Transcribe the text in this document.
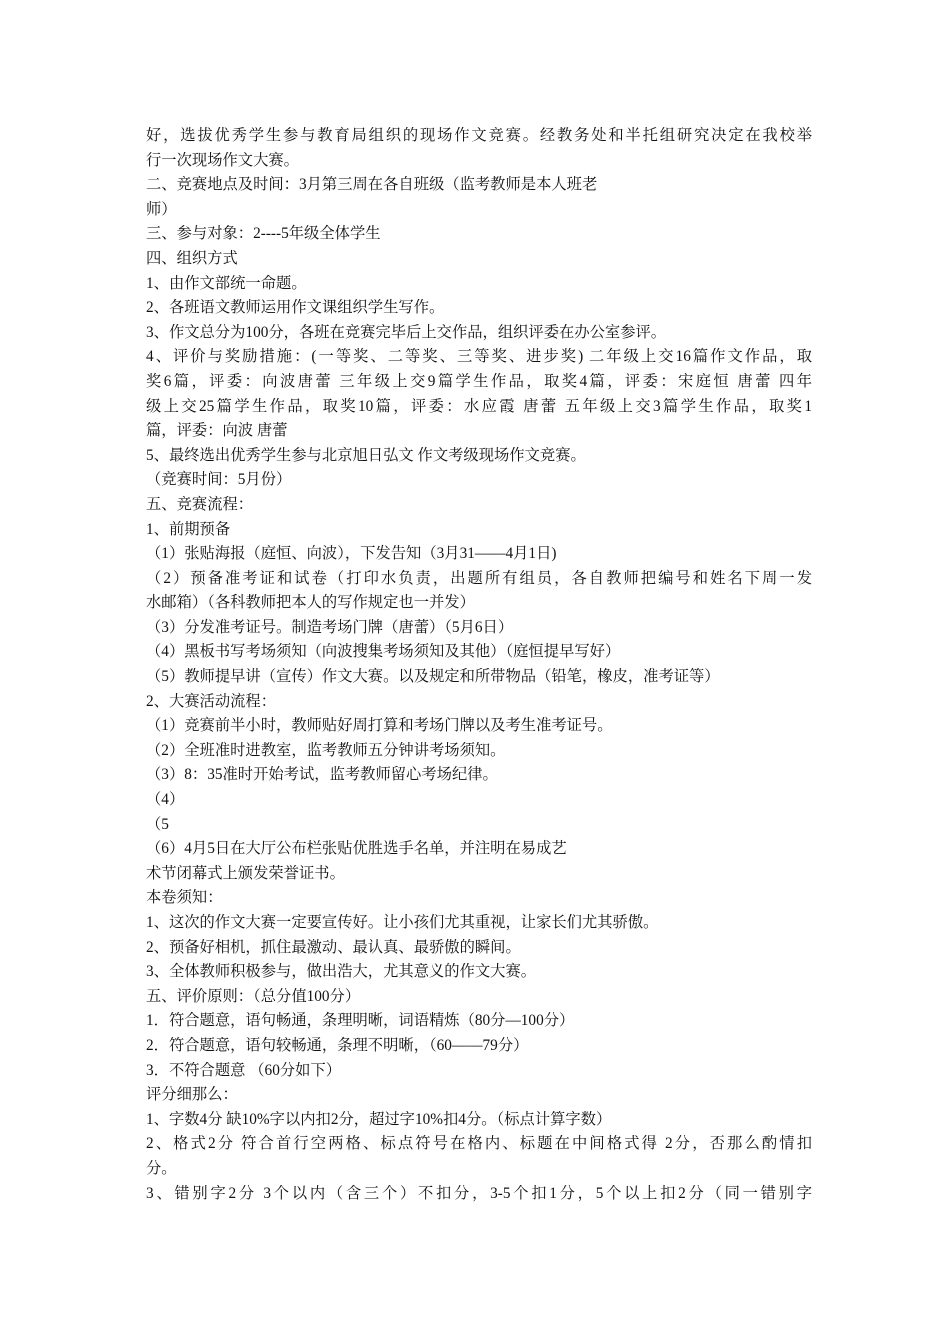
好，选拔优秀学生参与教育局组织的现场作文竞赛。经教务处和半托组研究决定在我校举
行一次现场作文大赛。
二、竞赛地点及时间：3月第三周在各自班级（监考教师是本人班老
师）
三、参与对象：2----5年级全体学生
四、组织方式
1、由作文部统一命题。
2、各班语文教师运用作文课组织学生写作。
3、作文总分为100分，各班在竞赛完毕后上交作品，组织评委在办公室参评。
4、评价与奖励措施：(一等奖、二等奖、三等奖、进步奖) 二年级上交16篇作文作品，取
奖6篇，评委：向波唐蕾 三年级上交9篇学生作品，取奖4篇，评委：宋庭恒 唐蕾 四年
级上交25篇学生作品，取奖10篇，评委：水应霞 唐蕾 五年级上交3篇学生作品，取奖1
篇，评委：向波 唐蕾
5、最终选出优秀学生参与北京旭日弘文 作文考级现场作文竞赛。
（竞赛时间：5月份）
五、竞赛流程：
1、前期预备
（1）张贴海报（庭恒、向波），下发告知（3月31——4月1日)
（2）预备准考证和试卷（打印水负责，出题所有组员，各自教师把编号和姓名下周一发
水邮箱）（各科教师把本人的写作规定也一并发）
（3）分发准考证号。制造考场门牌（唐蕾）（5月6日）
（4）黑板书写考场须知（向波搜集考场须知及其他）（庭恒提早写好）
（5）教师提早讲（宣传）作文大赛。以及规定和所带物品（铅笔，橡皮，准考证等）
2、大赛活动流程：
（1）竞赛前半小时，教师贴好周打算和考场门牌以及考生准考证号。
（2）全班准时进教室，监考教师五分钟讲考场须知。
（3）8：35准时开始考试，监考教师留心考场纪律。
（4）
（5
（6）4月5日在大厅公布栏张贴优胜选手名单，并注明在易成艺
术节闭幕式上颁发荣誉证书。
本卷须知：
1、这次的作文大赛一定要宣传好。让小孩们尤其重视，让家长们尤其骄傲。
2、预备好相机，抓住最激动、最认真、最骄傲的瞬间。
3、全体教师积极参与，做出浩大，尤其意义的作文大赛。
五、评价原则：（总分值100分）
1．符合题意，语句畅通，条理明晰，词语精炼（80分—100分）
2．符合题意，语句较畅通，条理不明晰，（60——79分）
3．不符合题意 （60分如下）
评分细那么：
1、字数4分 缺10%字以内扣2分，超过字10%扣4分。（标点计算字数）
2、格式2分 符合首行空两格、标点符号在格内、标题在中间格式得 2分，否那么酌情扣
分。
3、错别字2分 3个以内（含三个）不扣分，3-5个扣1分，5个以上扣2分（同一错别字
